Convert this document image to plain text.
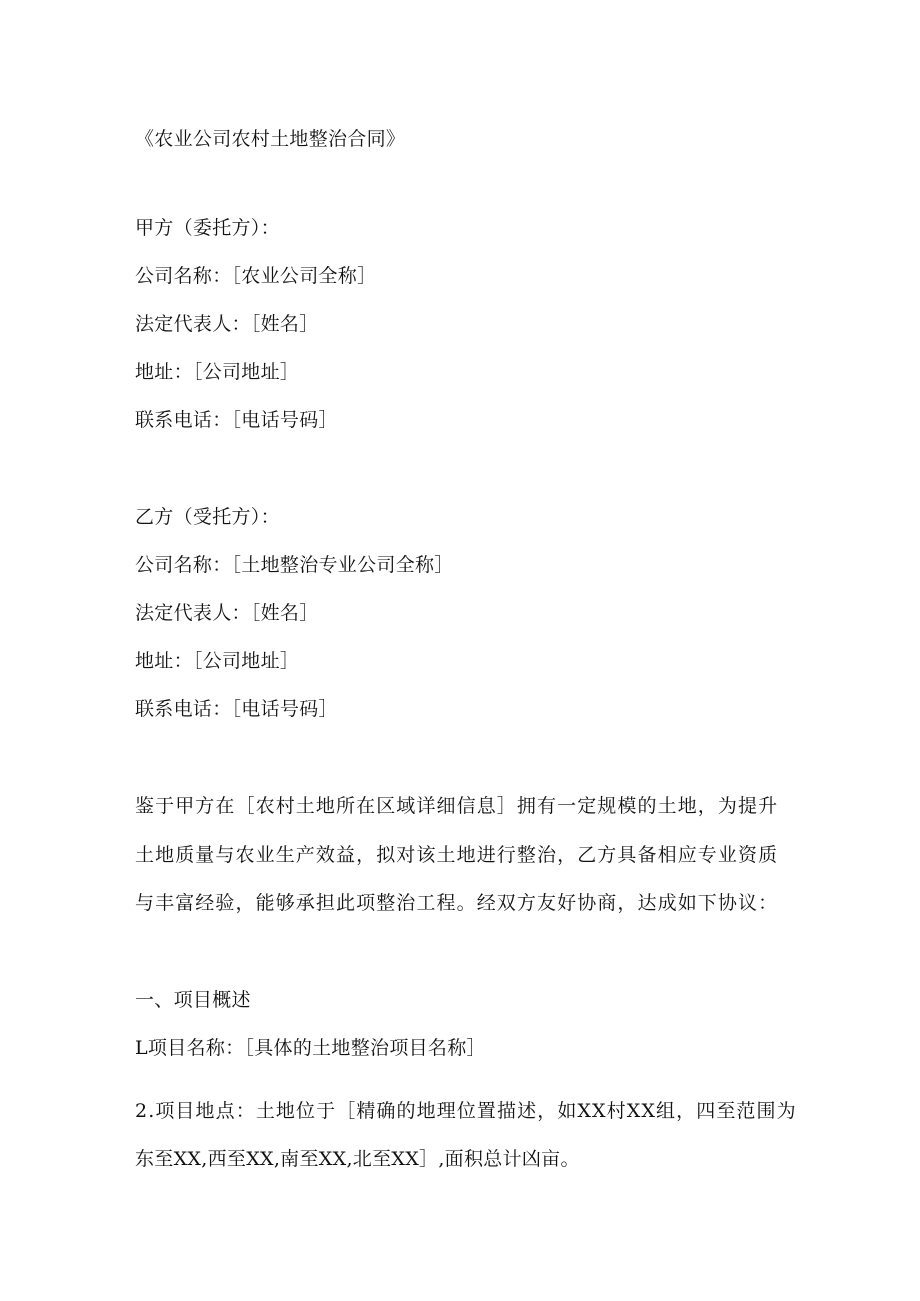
《农业公司农村土地整治合同》
甲方（委托方）：
公司名称：［农业公司全称］
法定代表人：［姓名］
地址：［公司地址］
联系电话：［电话号码］
乙方（受托方）：
公司名称：［土地整治专业公司全称］
法定代表人：［姓名］
地址：［公司地址］
联系电话：［电话号码］
鉴于甲方在［农村土地所在区域详细信息］拥有一定规模的土地，为提升
土地质量与农业生产效益，拟对该土地进行整治，乙方具备相应专业资质
与丰富经验，能够承担此项整治工程。经双方友好协商，达成如下协议：
一、项目概述
L项目名称：［具体的土地整治项目名称］
2.项目地点：土地位于［精确的地理位置描述，如XX村XX组，四至范围为
东至XX,西至XX,南至XX,北至XX］,面积总计凶亩。
